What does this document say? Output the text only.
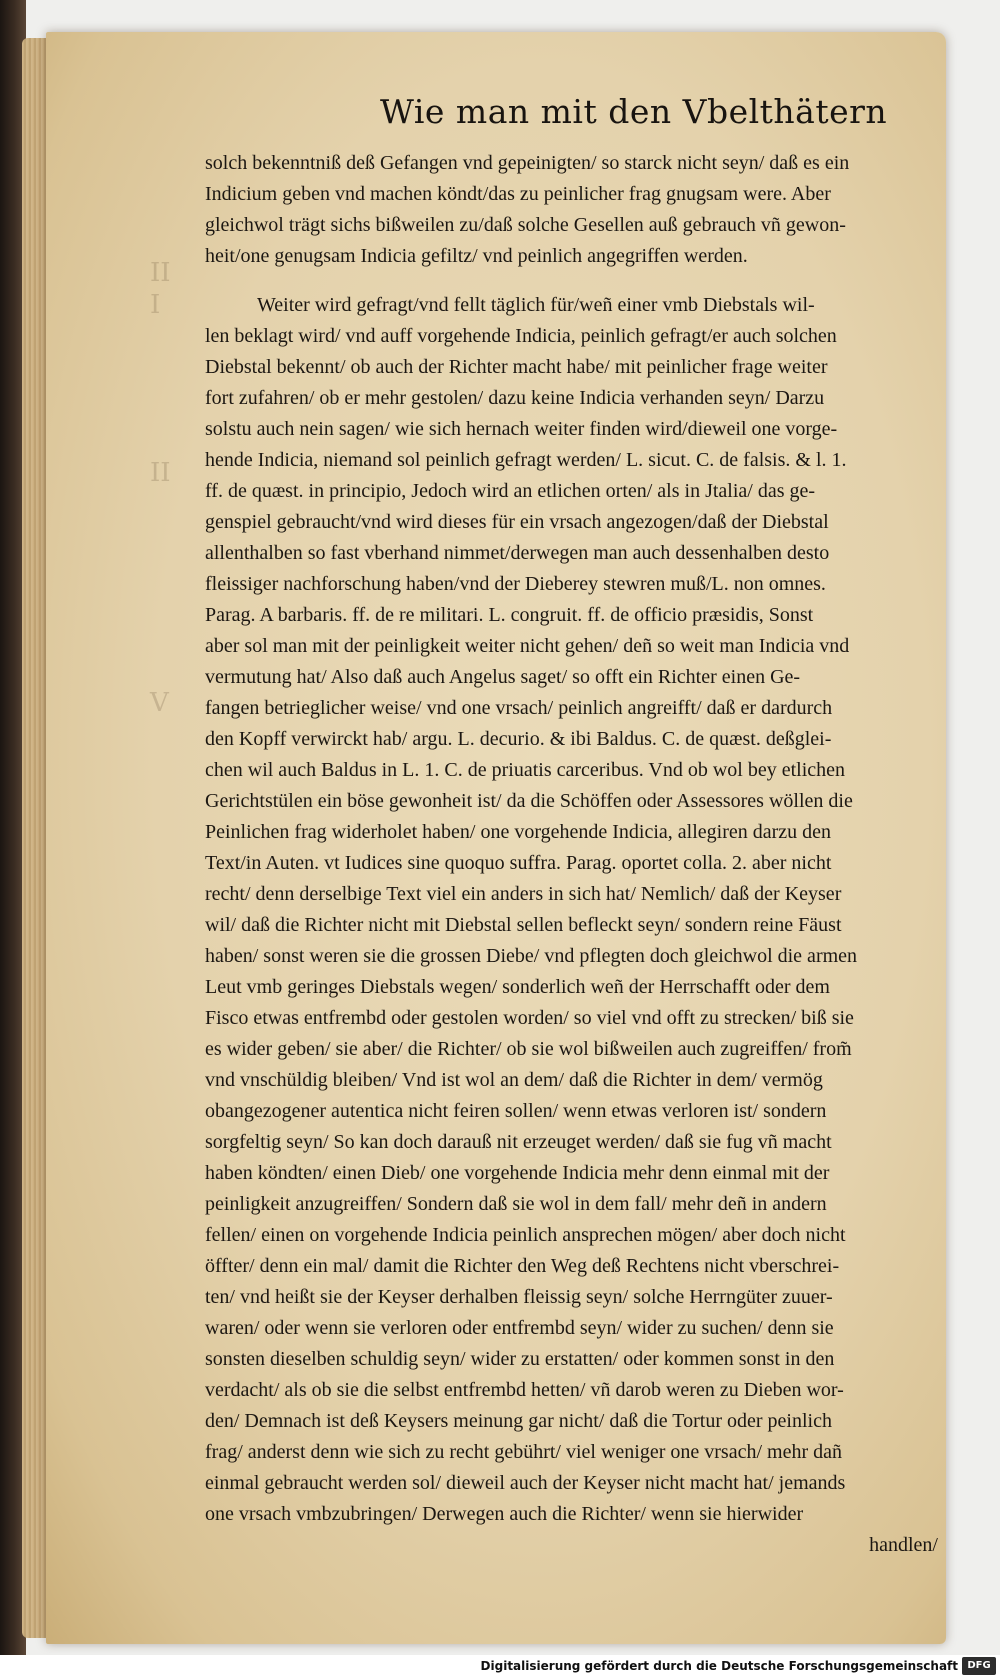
II
I
II
V
Wie man mit den Vbelthätern
solch bekenntniß deß Gefangen vnd gepeinigten/ so starck nicht seyn/ daß es ein
Indicium geben vnd machen köndt/das zu peinlicher frag gnugsam were. Aber
gleichwol trägt sichs bißweilen zu/daß solche Gesellen auß gebrauch vñ gewon-
heit/one genugsam Indicia gefiltz/ vnd peinlich angegriffen werden.
Weiter wird gefragt/vnd fellt täglich für/weñ einer vmb Diebstals wil-
len beklagt wird/ vnd auff vorgehende Indicia, peinlich gefragt/er auch solchen
Diebstal bekennt/ ob auch der Richter macht habe/ mit peinlicher frage weiter
fort zufahren/ ob er mehr gestolen/ dazu keine Indicia verhanden seyn/ Darzu
solstu auch nein sagen/ wie sich hernach weiter finden wird/dieweil one vorge-
hende Indicia, niemand sol peinlich gefragt werden/ L. sicut. C. de falsis. & l. 1.
ff. de quæst. in principio, Jedoch wird an etlichen orten/ als in Jtalia/ das ge-
genspiel gebraucht/vnd wird dieses für ein vrsach angezogen/daß der Diebstal
allenthalben so fast vberhand nimmet/derwegen man auch dessenhalben desto
fleissiger nachforschung haben/vnd der Dieberey stewren muß/L. non omnes.
Parag. A barbaris. ff. de re militari. L. congruit. ff. de officio præsidis, Sonst
aber sol man mit der peinligkeit weiter nicht gehen/ deñ so weit man Indicia vnd
vermutung hat/ Also daß auch Angelus saget/ so offt ein Richter einen Ge-
fangen betrieglicher weise/ vnd one vrsach/ peinlich angreifft/ daß er dardurch
den Kopff verwirckt hab/ argu. L. decurio. & ibi Baldus. C. de quæst. deßglei-
chen wil auch Baldus in L. 1. C. de priuatis carceribus. Vnd ob wol bey etlichen
Gerichtstülen ein böse gewonheit ist/ da die Schöffen oder Assessores wöllen die
Peinlichen frag widerholet haben/ one vorgehende Indicia, allegiren darzu den
Text/in Auten. vt Iudices sine quoquo suffra. Parag. oportet colla. 2. aber nicht
recht/ denn derselbige Text viel ein anders in sich hat/ Nemlich/ daß der Keyser
wil/ daß die Richter nicht mit Diebstal sellen befleckt seyn/ sondern reine Fäust
haben/ sonst weren sie die grossen Diebe/ vnd pflegten doch gleichwol die armen
Leut vmb geringes Diebstals wegen/ sonderlich weñ der Herrschafft oder dem
Fisco etwas entfrembd oder gestolen worden/ so viel vnd offt zu strecken/ biß sie
es wider geben/ sie aber/ die Richter/ ob sie wol bißweilen auch zugreiffen/ from̃
vnd vnschüldig bleiben/ Vnd ist wol an dem/ daß die Richter in dem/ vermög
obangezogener autentica nicht feiren sollen/ wenn etwas verloren ist/ sondern
sorgfeltig seyn/ So kan doch darauß nit erzeuget werden/ daß sie fug vñ macht
haben köndten/ einen Dieb/ one vorgehende Indicia mehr denn einmal mit der
peinligkeit anzugreiffen/ Sondern daß sie wol in dem fall/ mehr deñ in andern
fellen/ einen on vorgehende Indicia peinlich ansprechen mögen/ aber doch nicht
öffter/ denn ein mal/ damit die Richter den Weg deß Rechtens nicht vberschrei-
ten/ vnd heißt sie der Keyser derhalben fleissig seyn/ solche Herrngüter zuuer-
waren/ oder wenn sie verloren oder entfrembd seyn/ wider zu suchen/ denn sie
sonsten dieselben schuldig seyn/ wider zu erstatten/ oder kommen sonst in den
verdacht/ als ob sie die selbst entfrembd hetten/ vñ darob weren zu Dieben wor-
den/ Demnach ist deß Keysers meinung gar nicht/ daß die Tortur oder peinlich
frag/ anderst denn wie sich zu recht gebührt/ viel weniger one vrsach/ mehr dañ
einmal gebraucht werden sol/ dieweil auch der Keyser nicht macht hat/ jemands
one vrsach vmbzubringen/ Derwegen auch die Richter/ wenn sie hierwider
handlen/
Digitalisierung gefördert durch die Deutsche Forschungsgemeinschaft DFG
